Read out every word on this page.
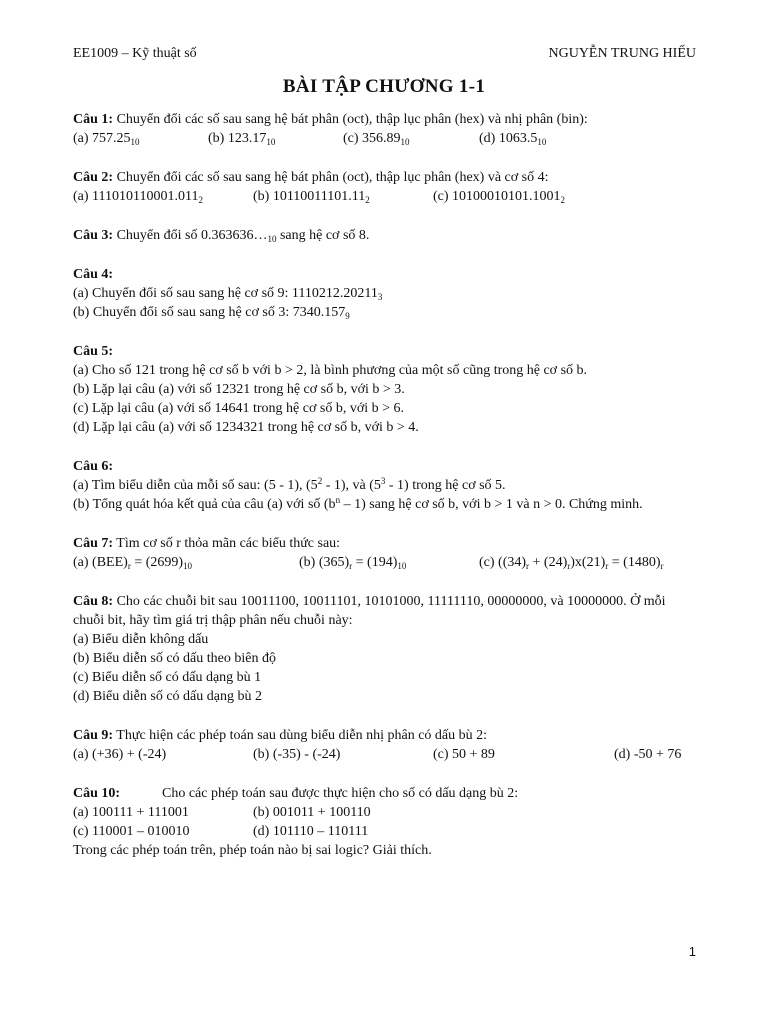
EE1009 – Kỹ thuật số	NGUYỄN TRUNG HIẾU
BÀI TẬP CHƯƠNG 1-1
Câu 1: Chuyển đổi các số sau sang hệ bát phân (oct), thập lục phân (hex) và nhị phân (bin):
(a) $757.25_{10}$	(b) $123.17_{10}$	(c) $356.89_{10}$	(d) $1063.5_{10}$
Câu 2: Chuyển đổi các số sau sang hệ bát phân (oct), thập lục phân (hex) và cơ số 4:
(a) $111010110001.011_2$	(b) $10110011101.11_2$	(c) $10100010101.1001_2$
Câu 3: Chuyển đổi số $0.363636\dots_{10}$ sang hệ cơ số 8.
Câu 4:
(a) Chuyển đổi số sau sang hệ cơ số 9: $1110212.20211_3$
(b) Chuyển đổi số sau sang hệ cơ số 3: $7340.157_9$
Câu 5:
(a) Cho số 121 trong hệ cơ số b với b > 2, là bình phương của một số cũng trong hệ cơ số b.
(b) Lặp lại câu (a) với số 12321 trong hệ cơ số b, với b > 3.
(c) Lặp lại câu (a) với số 14641 trong hệ cơ số b, với b > 6.
(d) Lặp lại câu (a) với số 1234321 trong hệ cơ số b, với b > 4.
Câu 6:
(a) Tìm biểu diễn của mỗi số sau: (5 - 1), $(5^2 - 1)$, và $(5^3 - 1)$ trong hệ cơ số 5.
(b) Tổng quát hóa kết quả của câu (a) với số $(b^n - 1)$ sang hệ cơ số b, với b > 1 và n > 0. Chứng minh.
Câu 7: Tìm cơ số r thỏa mãn các biểu thức sau:
(a) $(BEE)_r = (2699)_{10}$	(b) $(365)_r = (194)_{10}$	(c) $((34)_r + (24)_r)x(21)_r = (1480)_r$
Câu 8: Cho các chuỗi bit sau 10011100, 10011101, 10101000, 11111110, 00000000, và 10000000. Ở mỗi chuỗi bit, hãy tìm giá trị thập phân nếu chuỗi này:
(a) Biểu diễn không dấu
(b) Biểu diễn số có dấu theo biên độ
(c) Biểu diễn số có dấu dạng bù 1
(d) Biểu diễn số có dấu dạng bù 2
Câu 9: Thực hiện các phép toán sau dùng biểu diễn nhị phân có dấu bù 2:
(a) (+36) + (-24)	(b) (-35) - (-24)	(c) 50 + 89	(d) -50 + 76
Câu 10:	Cho các phép toán sau được thực hiện cho số có dấu dạng bù 2:
(a) 100111 + 111001	(b) 001011 + 100110
(c) 110001 – 010010	(d) 101110 – 110111
Trong các phép toán trên, phép toán nào bị sai logic? Giải thích.
1
